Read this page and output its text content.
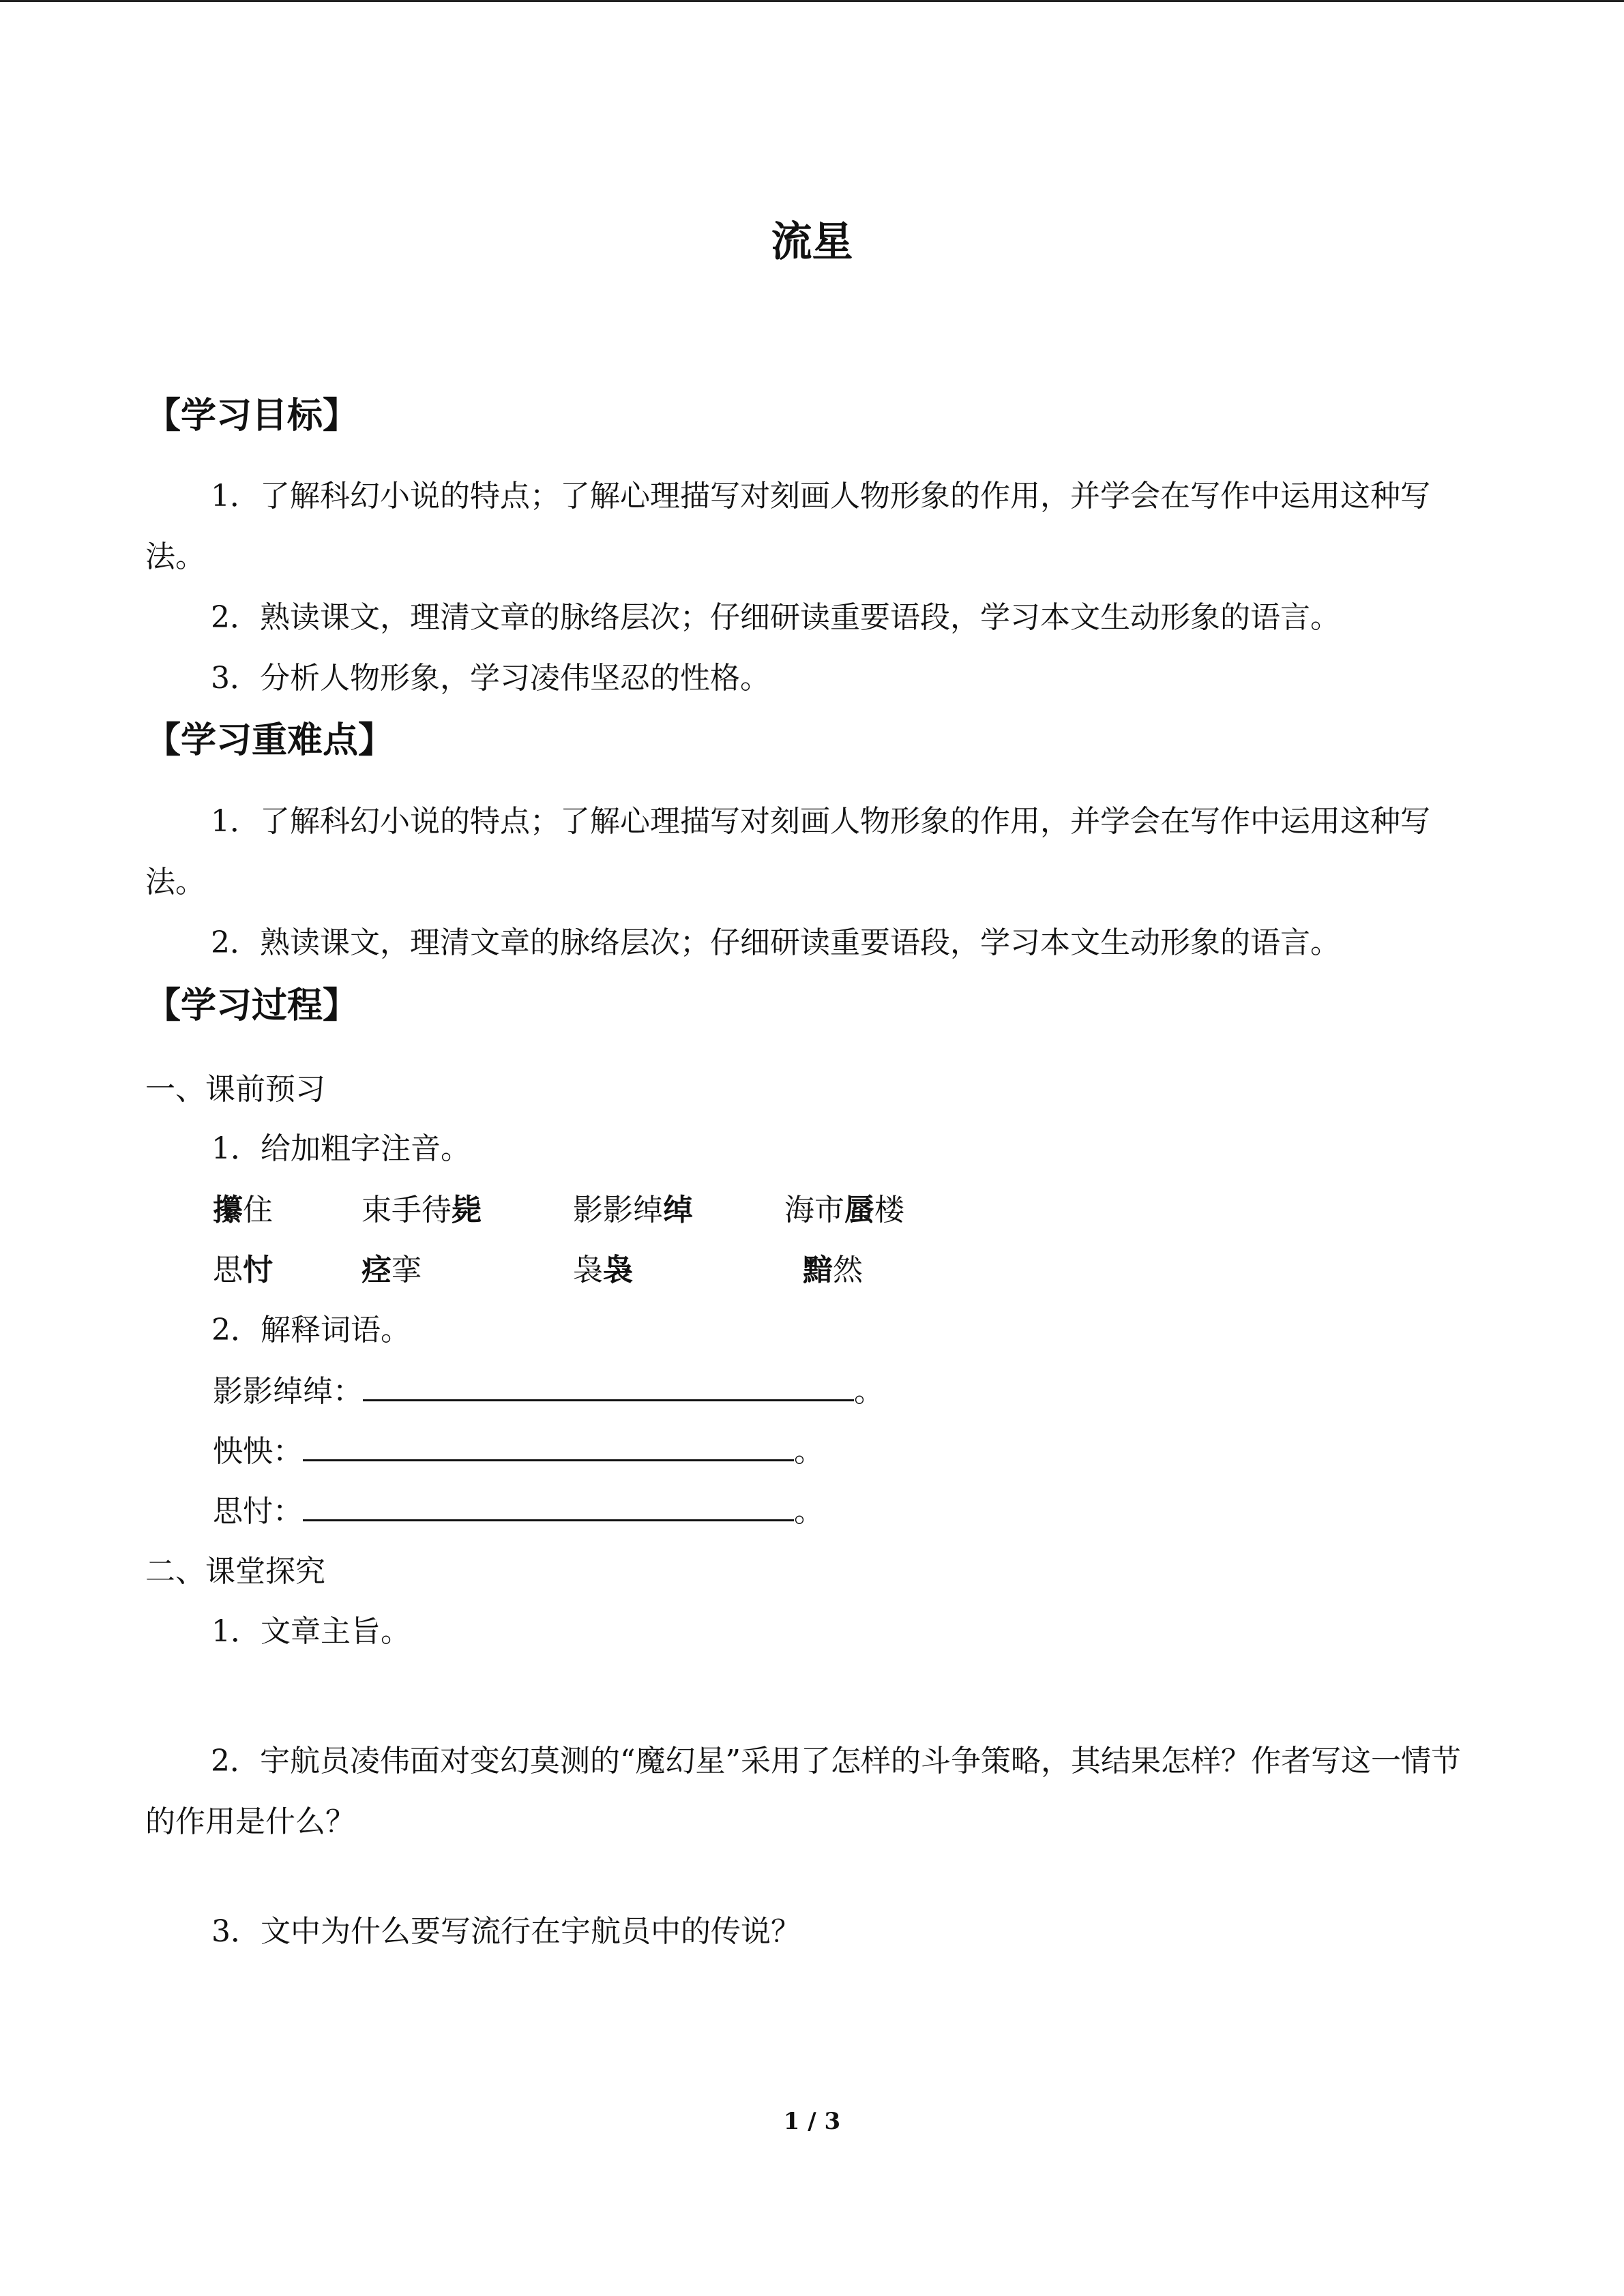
流星
【学习目标】

1．了解科幻小说的特点；了解心理描写对刻画人物形象的作用，并学会在写作中运用这种写法。

2．熟读课文，理清文章的脉络层次；仔细研读重要语段，学习本文生动形象的语言。

3．分析人物形象，学习凌伟坚忍的性格。

【学习重难点】

1．了解科幻小说的特点；了解心理描写对刻画人物形象的作用，并学会在写作中运用这种写法。

2．熟读课文，理清文章的脉络层次；仔细研读重要语段，学习本文生动形象的语言。

【学习过程】
一、课前预习
1．给加粗字注音。
攥住	束手待毙	影影绰绰	海市蜃楼
思忖	痉挛	袅袅	黯然
2．解释词语。
影影绰绰：	。
怏怏：	。
思忖：	。
二、课堂探究
1．文章主旨。

2．宇航员凌伟面对变幻莫测的“魔幻星”采用了怎样的斗争策略，其结果怎样？作者写这一情节的作用是什么？

3．文中为什么要写流行在宇航员中的传说？
1 / 3
